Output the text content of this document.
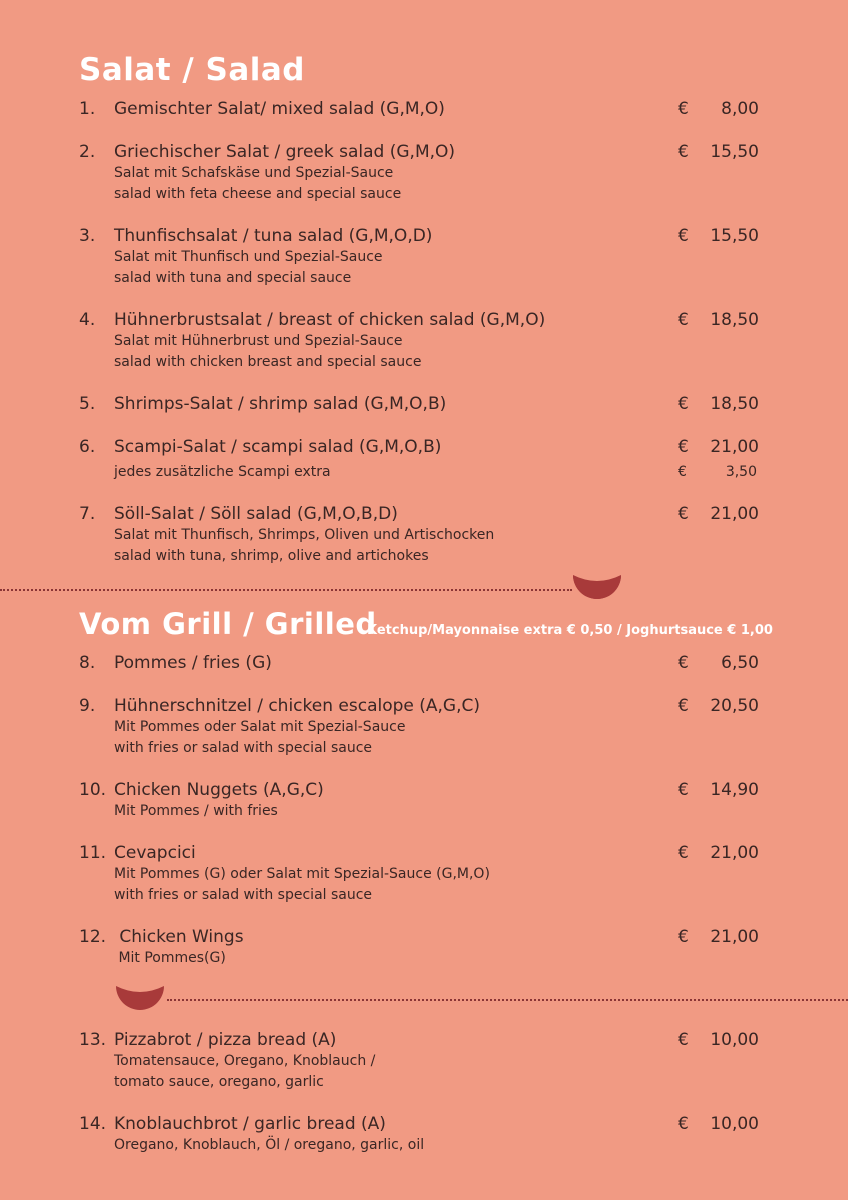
Salat / Salad
1. Gemischter Salat/ mixed salad (G,M,O)	€ 8,00
2. Griechischer Salat / greek salad (G,M,O)	€ 15,50
Salat mit Schafskäse und Spezial-Sauce
salad with feta cheese and special sauce
3. Thunfischsalat / tuna salad (G,M,O,D)	€ 15,50
Salat mit Thunfisch und Spezial-Sauce
salad with tuna and special sauce
4. Hühnerbrustsalat / breast of chicken salad (G,M,O)	€ 18,50
Salat mit Hühnerbrust und Spezial-Sauce
salad with chicken breast and special sauce
5. Shrimps-Salat / shrimp salad (G,M,O,B)	€ 18,50
6. Scampi-Salat / scampi salad (G,M,O,B)	€ 21,00
jedes zusätzliche Scampi extra	€	3,50
7. Söll-Salat / Söll salad (G,M,O,B,D)	€ 21,00
Salat mit Thunfisch, Shrimps, Oliven und Artischocken
salad with tuna, shrimp, olive and artichokes
Vom Grill / Grilled
Ketchup/Mayonnaise extra € 0,50 / Joghurtsauce € 1,00
8. Pommes / fries (G)	€ 6,50
9. Hühnerschnitzel / chicken escalope (A,G,C)	€ 20,50
Mit Pommes oder Salat mit Spezial-Sauce
with fries or salad with special sauce
10. Chicken Nuggets (A,G,C)	€ 14,90
Mit Pommes / with fries
11. Cevapcici	€ 21,00
Mit Pommes (G) oder Salat mit Spezial-Sauce (G,M,O)
with fries or salad with special sauce
12. Chicken Wings	€ 21,00
Mit Pommes(G)
13. Pizzabrot / pizza bread (A)	€ 10,00
Tomatensauce, Oregano, Knoblauch /
tomato sauce, oregano, garlic
14. Knoblauchbrot / garlic bread (A)	€ 10,00
Oregano, Knoblauch, Öl / oregano, garlic, oil
